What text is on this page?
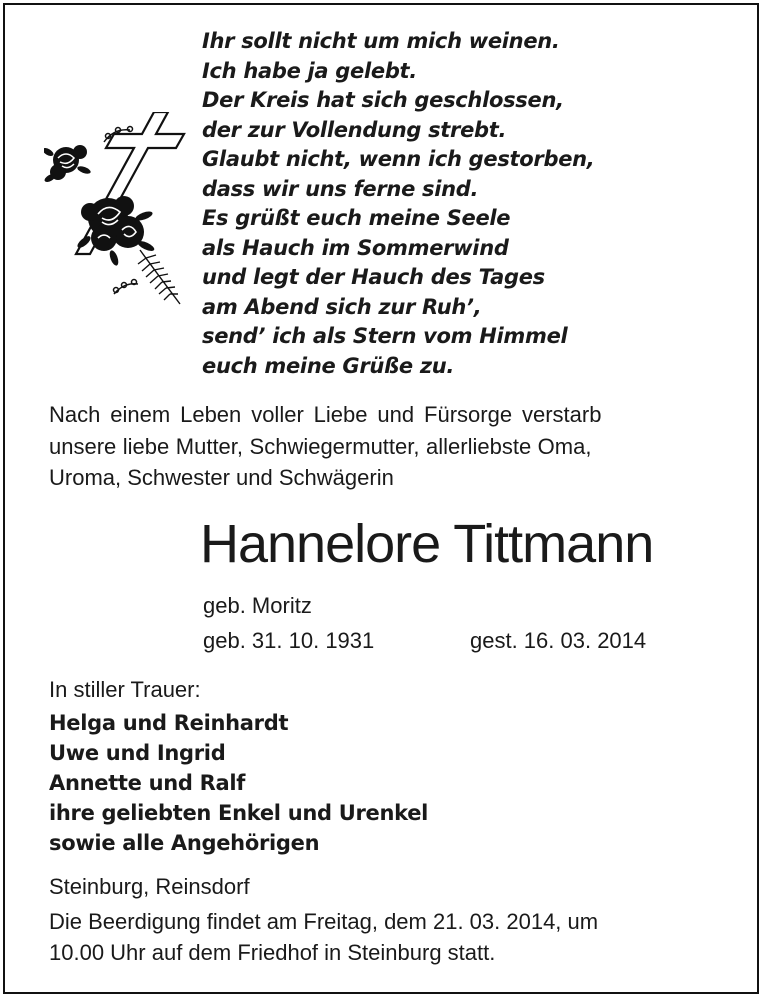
Ihr sollt nicht um mich weinen.
Ich habe ja gelebt.
Der Kreis hat sich geschlossen,
der zur Vollendung strebt.
Glaubt nicht, wenn ich gestorben,
dass wir uns ferne sind.
Es grüßt euch meine Seele
als Hauch im Sommerwind
und legt der Hauch des Tages
am Abend sich zur Ruh’,
send’ ich als Stern vom Himmel
euch meine Grüße zu.
Nach einem Leben voller Liebe und Fürsorge verstarb
unsere liebe Mutter, Schwiegermutter, allerliebste Oma,
Uroma, Schwester und Schwägerin
Hannelore Tittmann
geb. Moritz
geb. 31. 10. 1931	gest. 16. 03. 2014
In stiller Trauer:
Helga und Reinhardt
Uwe und Ingrid
Annette und Ralf
ihre geliebten Enkel und Urenkel
sowie alle Angehörigen
Steinburg, Reinsdorf
Die Beerdigung findet am Freitag, dem 21. 03. 2014, um
10.00 Uhr auf dem Friedhof in Steinburg statt.
